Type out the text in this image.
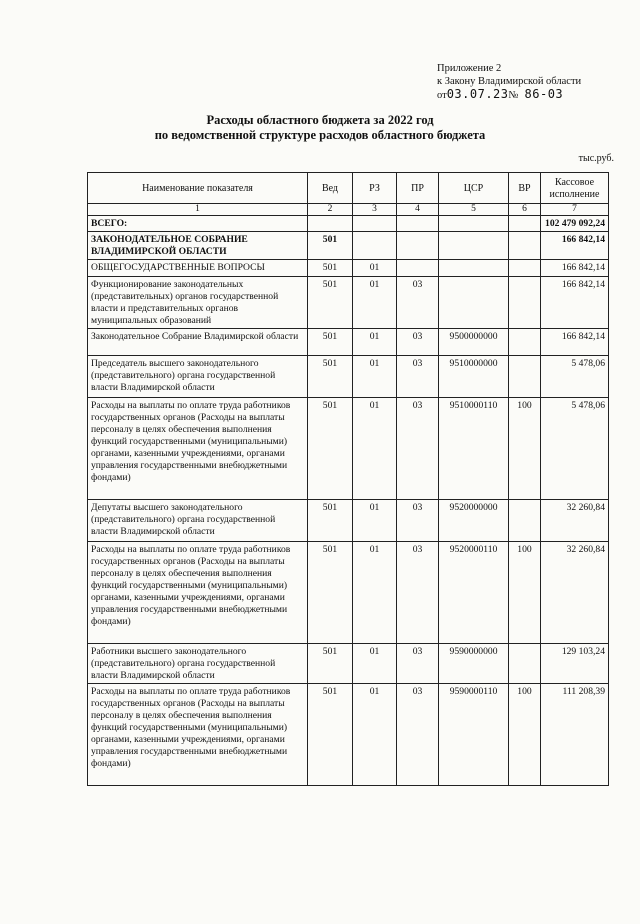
Приложение 2
к Закону Владимирской области
от03.07.23№ 86-03
Расходы областного бюджета за 2022 год
по ведомственной структуре расходов областного бюджета
тыс.руб.
Наименование показателя	Вед	РЗ	ПР	ЦСР	ВР	Кассовое исполнение
1	2	3	4	5	6	7
ВСЕГО:						102 479 092,24
ЗАКОНОДАТЕЛЬНОЕ СОБРАНИЕ ВЛАДИМИРСКОЙ ОБЛАСТИ	501					166 842,14
ОБЩЕГОСУДАРСТВЕННЫЕ ВОПРОСЫ	501	01				166 842,14
Функционирование законодательных (представительных) органов государственной власти и представительных органов муниципальных образований	501	01	03			166 842,14
Законодательное Собрание Владимирской области	501	01	03	9500000000		166 842,14
Председатель высшего законодательного (представительного) органа государственной власти Владимирской области	501	01	03	9510000000		5 478,06
Расходы на выплаты по оплате труда работников государственных органов (Расходы на выплаты персоналу в целях обеспечения выполнения функций государственными (муниципальными) органами, казенными учреждениями, органами управления государственными внебюджетными фондами)	501	01	03	9510000110	100	5 478,06
Депутаты высшего законодательного (представительного) органа государственной власти Владимирской области	501	01	03	9520000000		32 260,84
Расходы на выплаты по оплате труда работников государственных органов (Расходы на выплаты персоналу в целях обеспечения выполнения функций государственными (муниципальными) органами, казенными учреждениями, органами управления государственными внебюджетными фондами)	501	01	03	9520000110	100	32 260,84
Работники высшего законодательного (представительного) органа государственной власти Владимирской области	501	01	03	9590000000		129 103,24
Расходы на выплаты по оплате труда работников государственных органов (Расходы на выплаты персоналу в целях обеспечения выполнения функций государственными (муниципальными) органами, казенными учреждениями, органами управления государственными внебюджетными фондами)	501	01	03	9590000110	100	111 208,39
